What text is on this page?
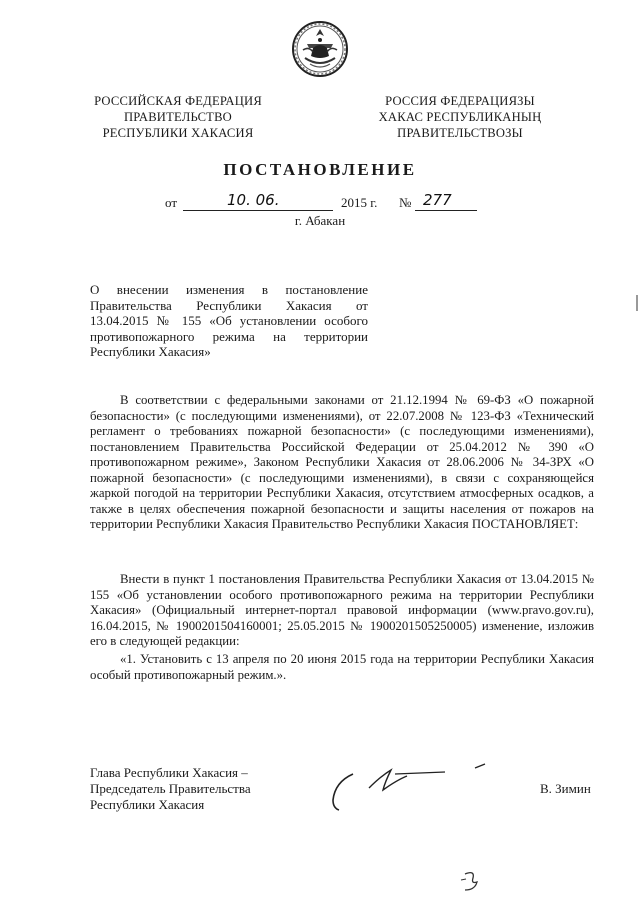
РОССИЙСКАЯ ФЕДЕРАЦИЯ
ПРАВИТЕЛЬСТВО
РЕСПУБЛИКИ ХАКАСИЯ
РОССИЯ ФЕДЕРАЦИЯЗЫ
ХАКАС РЕСПУБЛИКАНЫҢ
ПРАВИТЕЛЬСТВОЗЫ
ПОСТАНОВЛЕНИЕ
от	10. 06.	2015 г. № 277
г. Абакан
О внесении изменения в постановление
Правительства Республики Хакасия от
13.04.2015 № 155 «Об установлении особого
противопожарного режима на территории
Республики Хакасия»
В соответствии с федеральными законами от 21.12.1994 № 69-ФЗ «О пожарной безопасности» (с последующими изменениями), от 22.07.2008 № 123-ФЗ «Технический регламент о требованиях пожарной безопасности» (с последующими изменениями), постановлением Правительства Российской Федерации от 25.04.2012 № 390 «О противопожарном режиме», Законом Республики Хакасия от 28.06.2006 № 34-ЗРХ «О пожарной безопасности» (с последующими изменениями), в связи с сохраняющейся жаркой погодой на территории Республики Хакасия, отсутствием атмосферных осадков, а также в целях обеспечения пожарной безопасности и защиты населения от пожаров на территории Республики Хакасия Правительство Республики Хакасия ПОСТАНОВЛЯЕТ:
Внести в пункт 1 постановления Правительства Республики Хакасия от 13.04.2015 № 155 «Об установлении особого противопожарного режима на территории Республики Хакасия» (Официальный интернет-портал правовой информации (www.pravo.gov.ru), 16.04.2015, № 1900201504160001; 25.05.2015 № 1900201505250005) изменение, изложив его в следующей редакции:
«1. Установить с 13 апреля по 20 июня 2015 года на территории Республики Хакасия особый противопожарный режим.».
Глава Республики Хакасия –
Председатель Правительства
Республики Хакасия
В. Зимин
